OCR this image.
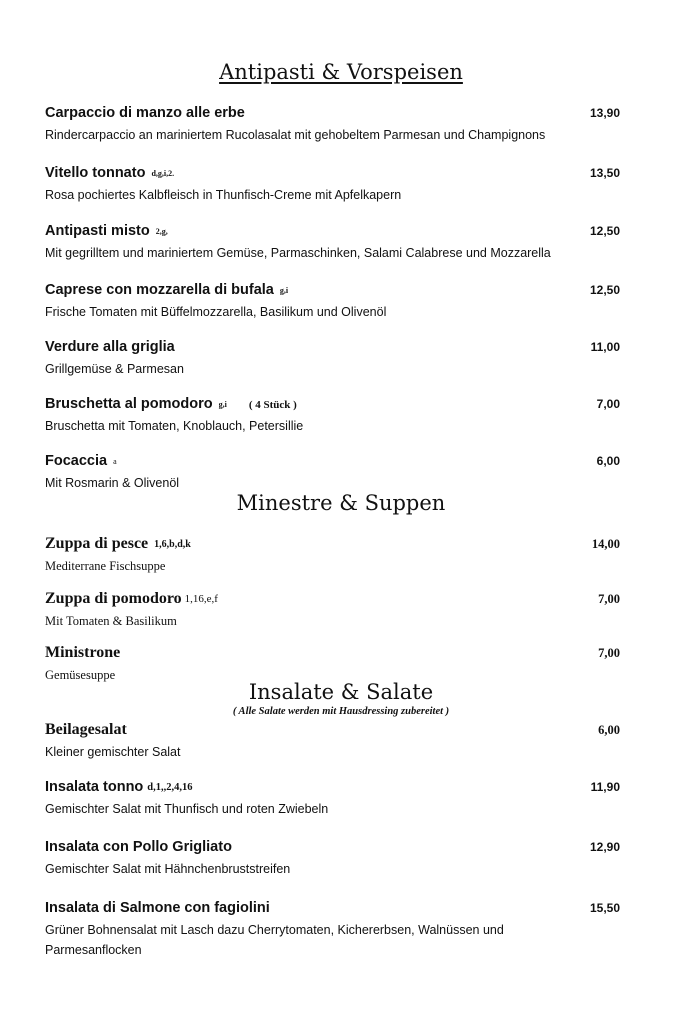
Antipasti & Vorspeisen
Carpaccio di manzo alle erbe	13,90
Rindercarpaccio an mariniertem Rucolasalat mit gehobeltem Parmesan und Champignons
Vitello tonnato d,g,i,2.	13,50
Rosa pochiertes Kalbfleisch in Thunfisch-Creme mit Apfelkapern
Antipasti misto 2,g,	12,50
Mit gegrilltem und mariniertem Gemüse, Parmaschinken, Salami Calabrese und Mozzarella
Caprese con mozzarella di bufala g,i	12,50
Frische Tomaten mit Büffelmozzarella, Basilikum und Olivenöl
Verdure alla griglia	11,00
Grillgemüse & Parmesan
Bruschetta al pomodoro g,i ( 4 Stück )	7,00
Bruschetta mit Tomaten, Knoblauch, Petersillie
Focaccia a	6,00
Mit Rosmarin & Olivenöl
Minestre & Suppen
Zuppa di pesce 1,6,b,d,k	14,00
Mediterrane Fischsuppe
Zuppa di pomodoro 1,16,e,f	7,00
Mit Tomaten & Basilikum
Ministrone	7,00
Gemüsesuppe
Insalate & Salate
( Alle Salate werden mit Hausdressing zubereitet )
Beilagesalat	6,00
Kleiner gemischter Salat
Insalata tonno d,1,,2,4,16	11,90
Gemischter Salat mit Thunfisch und roten Zwiebeln
Insalata con Pollo Grigliato	12,90
Gemischter Salat mit Hähnchenbruststreifen
Insalata di Salmone con fagiolini	15,50
Grüner Bohnensalat mit Lasch dazu Cherrytomaten, Kichererbsen, Walnüssen und Parmesanflocken
